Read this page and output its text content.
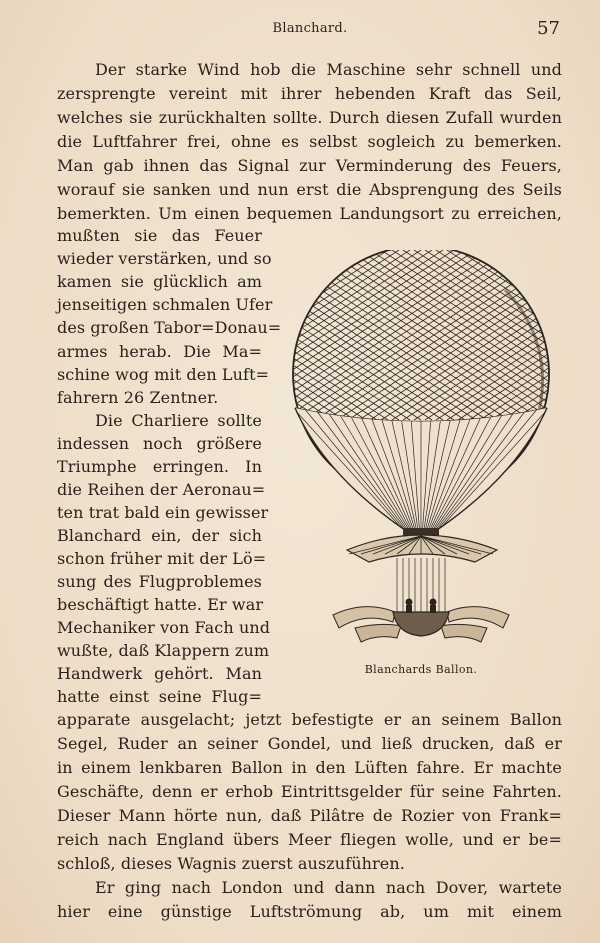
Blanchard.	57
Der starke Wind hob die Maschine sehr schnell und
zersprengte vereint mit ihrer hebenden Kraft das Seil,
welches sie zurückhalten sollte. Durch diesen Zufall wurden
die Luftfahrer frei, ohne es selbst sogleich zu bemerken.
Man gab ihnen das Signal zur Verminderung des Feuers,
worauf sie sanken und nun erst die Absprengung des Seils
bemerkten. Um einen bequemen Landungsort zu erreichen,
mußten sie das Feuer
wieder verstärken, und so
kamen sie glücklich am
jenseitigen schmalen Ufer
des großen Tabor=Donau=
armes herab. Die Ma=
schine wog mit den Luft=
fahrern 26 Zentner.
Die Charliere sollte
indessen noch größere
Triumphe erringen. In
die Reihen der Aeronau=
ten trat bald ein gewisser
Blanchard ein, der sich
schon früher mit der Lö=
sung des Flugproblemes
beschäftigt hatte. Er war
Mechaniker von Fach und
wußte, daß Klappern zum
Handwerk gehört. Man
hatte einst seine Flug=
apparate ausgelacht; jetzt befestigte er an seinem Ballon
Segel, Ruder an seiner Gondel, und ließ drucken, daß er
in einem lenkbaren Ballon in den Lüften fahre. Er machte
Geschäfte, denn er erhob Eintrittsgelder für seine Fahrten.
Dieser Mann hörte nun, daß Pilâtre de Rozier von Frank=
reich nach England übers Meer fliegen wolle, und er be=
schloß, dieses Wagnis zuerst auszuführen.
Er ging nach London und dann nach Dover, wartete
hier eine günstige Luftströmung ab, um mit einem
Blanchards Ballon.
